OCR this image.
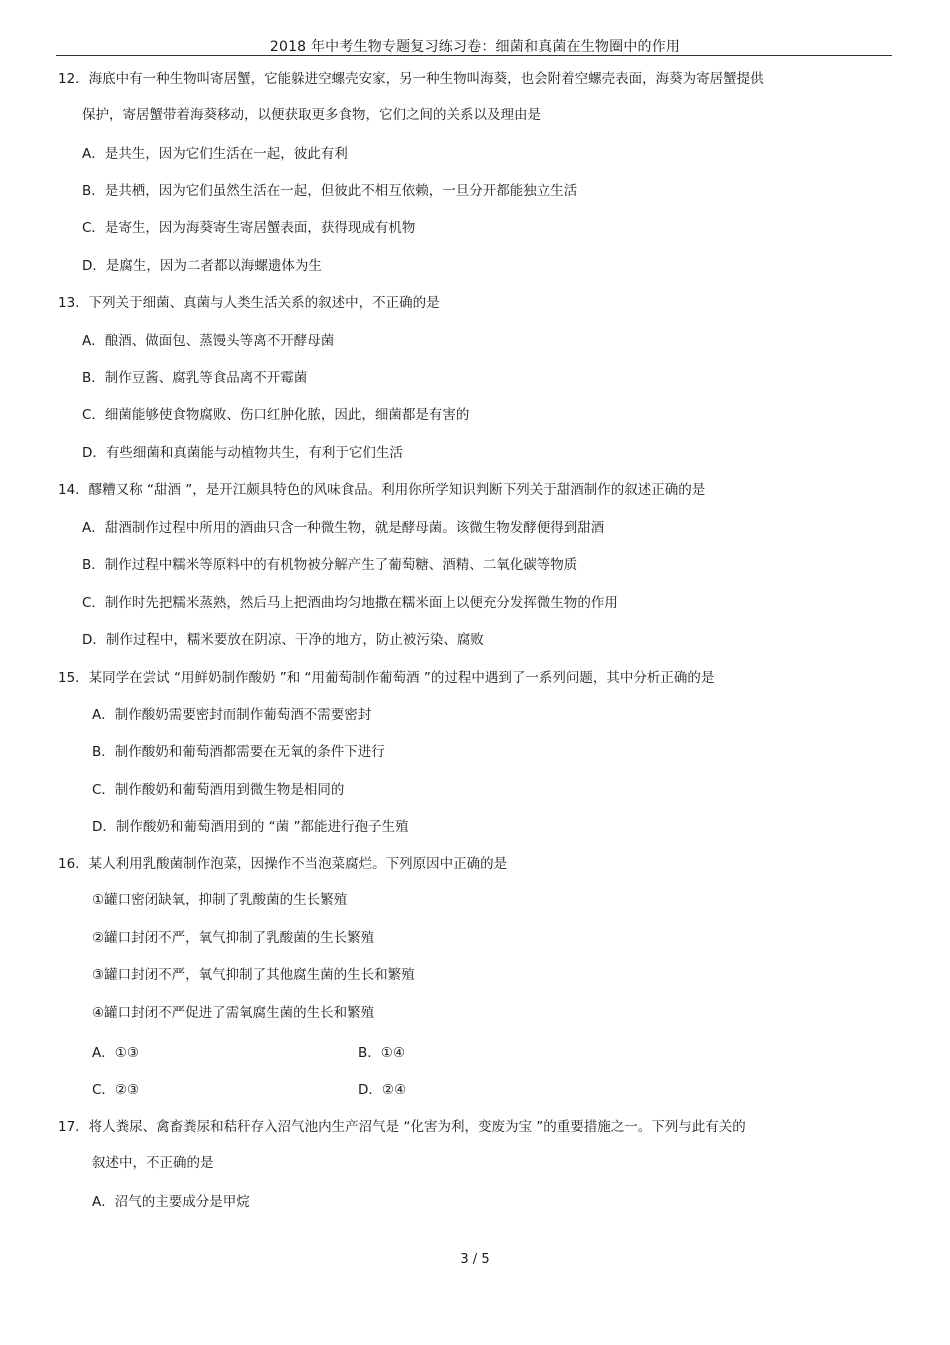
2018 年中考生物专题复习练习卷：细菌和真菌在生物圈中的作用
12．海底中有一种生物叫寄居蟹，它能躲进空螺壳安家，另一种生物叫海葵，也会附着空螺壳表面，海葵为寄居蟹提供
保护，寄居蟹带着海葵移动，以便获取更多食物，它们之间的关系以及理由是
A．是共生，因为它们生活在一起，彼此有利
B．是共栖，因为它们虽然生活在一起，但彼此不相互依赖，一旦分开都能独立生活
C．是寄生，因为海葵寄生寄居蟹表面，获得现成有机物
D．是腐生，因为二者都以海螺遗体为生
13．下列关于细菌、真菌与人类生活关系的叙述中，不正确的是
A．酿酒、做面包、蒸馒头等离不开酵母菌
B．制作豆酱、腐乳等食品离不开霉菌
C．细菌能够使食物腐败、伤口红肿化脓，因此，细菌都是有害的
D．有些细菌和真菌能与动植物共生，有利于它们生活
14．醪糟又称 “甜酒 ”，是开江颇具特色的风味食品。利用你所学知识判断下列关于甜酒制作的叙述正确的是
A．甜酒制作过程中所用的酒曲只含一种微生物，就是酵母菌。该微生物发酵便得到甜酒
B．制作过程中糯米等原料中的有机物被分解产生了葡萄糖、酒精、二氧化碳等物质
C．制作时先把糯米蒸熟，然后马上把酒曲均匀地撒在糯米面上以便充分发挥微生物的作用
D．制作过程中，糯米要放在阴凉、干净的地方，防止被污染、腐败
15．某同学在尝试 “用鲜奶制作酸奶 ”和 “用葡萄制作葡萄酒 ”的过程中遇到了一系列问题，其中分析正确的是
A．制作酸奶需要密封而制作葡萄酒不需要密封
B．制作酸奶和葡萄酒都需要在无氧的条件下进行
C．制作酸奶和葡萄酒用到微生物是相同的
D．制作酸奶和葡萄酒用到的 “菌 ”都能进行孢子生殖
16．某人利用乳酸菌制作泡菜，因操作不当泡菜腐烂。下列原因中正确的是
①罐口密闭缺氧，抑制了乳酸菌的生长繁殖
②罐口封闭不严，氧气抑制了乳酸菌的生长繁殖
③罐口封闭不严，氧气抑制了其他腐生菌的生长和繁殖
④罐口封闭不严促进了需氧腐生菌的生长和繁殖
A．①③	B．①④
C．②③	D．②④
17．将人粪尿、禽畜粪尿和秸秆存入沼气池内生产沼气是 “化害为利，变废为宝 ”的重要措施之一。下列与此有关的
叙述中，不正确的是
A．沼气的主要成分是甲烷
3 / 5
